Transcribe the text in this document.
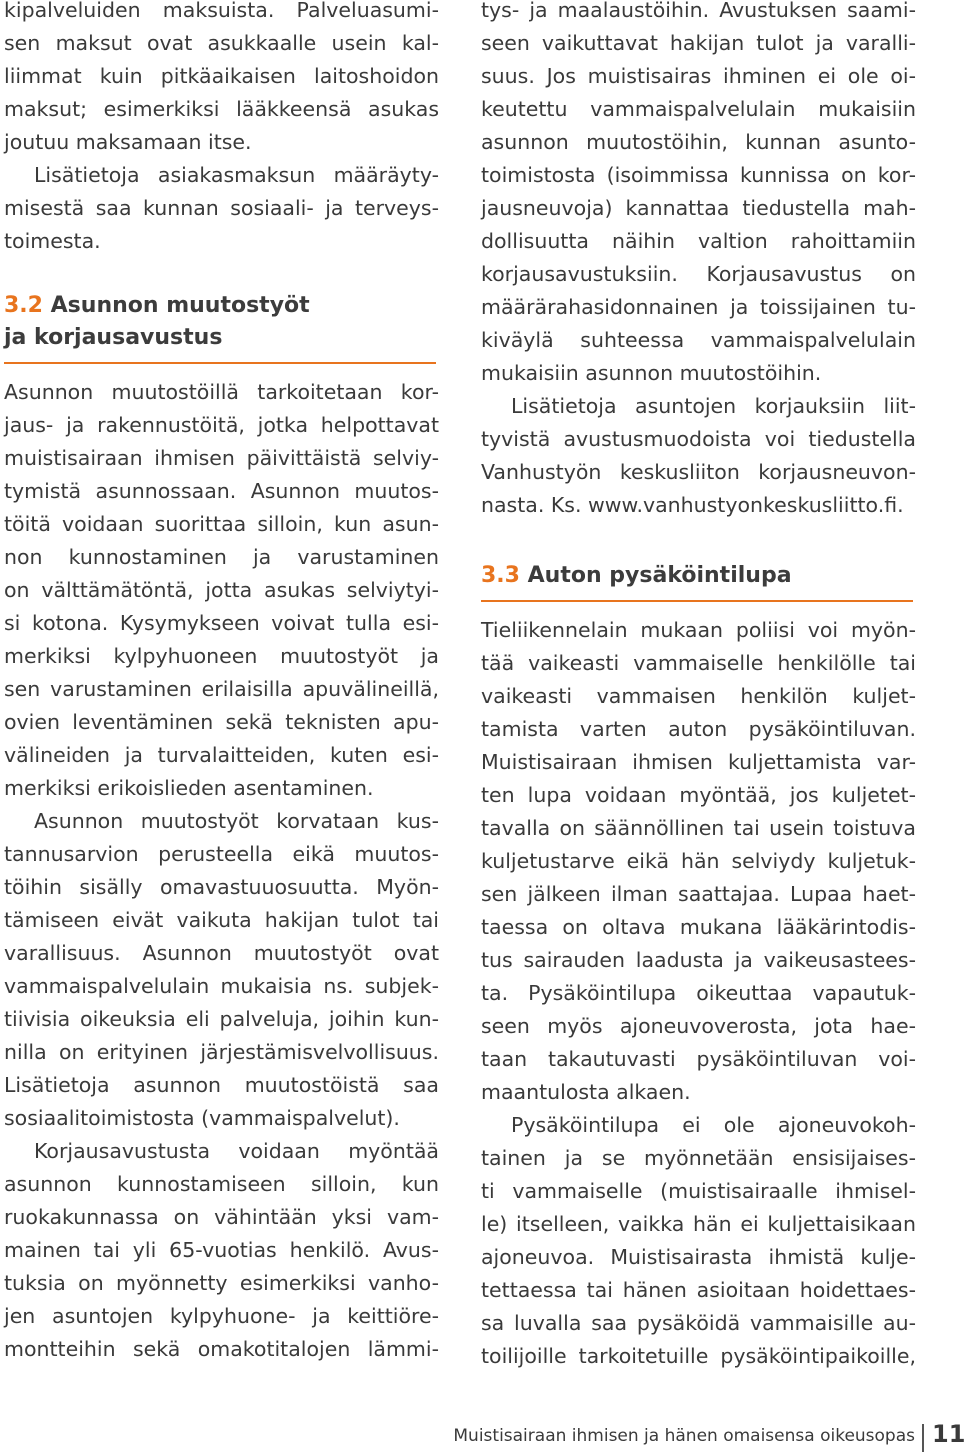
kipalveluiden maksuista. Palveluasumi-
sen maksut ovat asukkaalle usein kal-
liimmat kuin pitkäaikaisen laitoshoidon
maksut; esimerkiksi lääkkeensä asukas
joutuu maksamaan itse.
Lisätietoja asiakasmaksun määräyty-
misestä saa kunnan sosiaali- ja terveys-
toimesta.
3.2 Asunnon muutostyöt
ja korjausavustus
Asunnon muutostöillä tarkoitetaan kor-
jaus- ja rakennustöitä, jotka helpottavat
muistisairaan ihmisen päivittäistä selviy-
tymistä asunnossaan. Asunnon muutos-
töitä voidaan suorittaa silloin, kun asun-
non kunnostaminen ja varustaminen
on välttämätöntä, jotta asukas selviytyi-
si kotona. Kysymykseen voivat tulla esi-
merkiksi kylpyhuoneen muutostyöt ja
sen varustaminen erilaisilla apuvälineillä,
ovien leventäminen sekä teknisten apu-
välineiden ja turvalaitteiden, kuten esi-
merkiksi erikoislieden asentaminen.
Asunnon muutostyöt korvataan kus-
tannusarvion perusteella eikä muutos-
töihin sisälly omavastuuosuutta. Myön-
tämiseen eivät vaikuta hakijan tulot tai
varallisuus. Asunnon muutostyöt ovat
vammaispalvelulain mukaisia ns. subjek-
tiivisia oikeuksia eli palveluja, joihin kun-
nilla on erityinen järjestämisvelvollisuus.
Lisätietoja asunnon muutostöistä saa
sosiaalitoimistosta (vammaispalvelut).
Korjausavustusta voidaan myöntää
asunnon kunnostamiseen silloin, kun
ruokakunnassa on vähintään yksi vam-
mainen tai yli 65-vuotias henkilö. Avus-
tuksia on myönnetty esimerkiksi vanho-
jen asuntojen kylpyhuone- ja keittiöre-
montteihin sekä omakotitalojen lämmi-
tys- ja maalaustöihin. Avustuksen saami-
seen vaikuttavat hakijan tulot ja varalli-
suus. Jos muistisairas ihminen ei ole oi-
keutettu vammaispalvelulain mukaisiin
asunnon muutostöihin, kunnan asunto-
toimistosta (isoimmissa kunnissa on kor-
jausneuvoja) kannattaa tiedustella mah-
dollisuutta näihin valtion rahoittamiin
korjausavustuksiin. Korjausavustus on
määrärahasidonnainen ja toissijainen tu-
kiväylä suhteessa vammaispalvelulain
mukaisiin asunnon muutostöihin.
Lisätietoja asuntojen korjauksiin liit-
tyvistä avustusmuodoista voi tiedustella
Vanhustyön keskusliiton korjausneuvon-
nasta. Ks. www.vanhustyonkeskusliitto.fi.
3.3 Auton pysäköintilupa
Tieliikennelain mukaan poliisi voi myön-
tää vaikeasti vammaiselle henkilölle tai
vaikeasti vammaisen henkilön kuljet-
tamista varten auton pysäköintiluvan.
Muistisairaan ihmisen kuljettamista var-
ten lupa voidaan myöntää, jos kuljetet-
tavalla on säännöllinen tai usein toistuva
kuljetustarve eikä hän selviydy kuljetuk-
sen jälkeen ilman saattajaa. Lupaa haet-
taessa on oltava mukana lääkärintodis-
tus sairauden laadusta ja vaikeusastees-
ta. Pysäköintilupa oikeuttaa vapautuk-
seen myös ajoneuvoverosta, jota hae-
taan takautuvasti pysäköintiluvan voi-
maantulosta alkaen.
Pysäköintilupa ei ole ajoneuvokoh-
tainen ja se myönnetään ensisijaises-
ti vammaiselle (muistisairaalle ihmisel-
le) itselleen, vaikka hän ei kuljettaisikaan
ajoneuvoa. Muistisairasta ihmistä kulje-
tettaessa tai hänen asioitaan hoidettaes-
sa luvalla saa pysäköidä vammaisille au-
toilijoille tarkoitetuille pysäköintipaikoille,
Muistisairaan ihmisen ja hänen omaisensa oikeusopas 11
